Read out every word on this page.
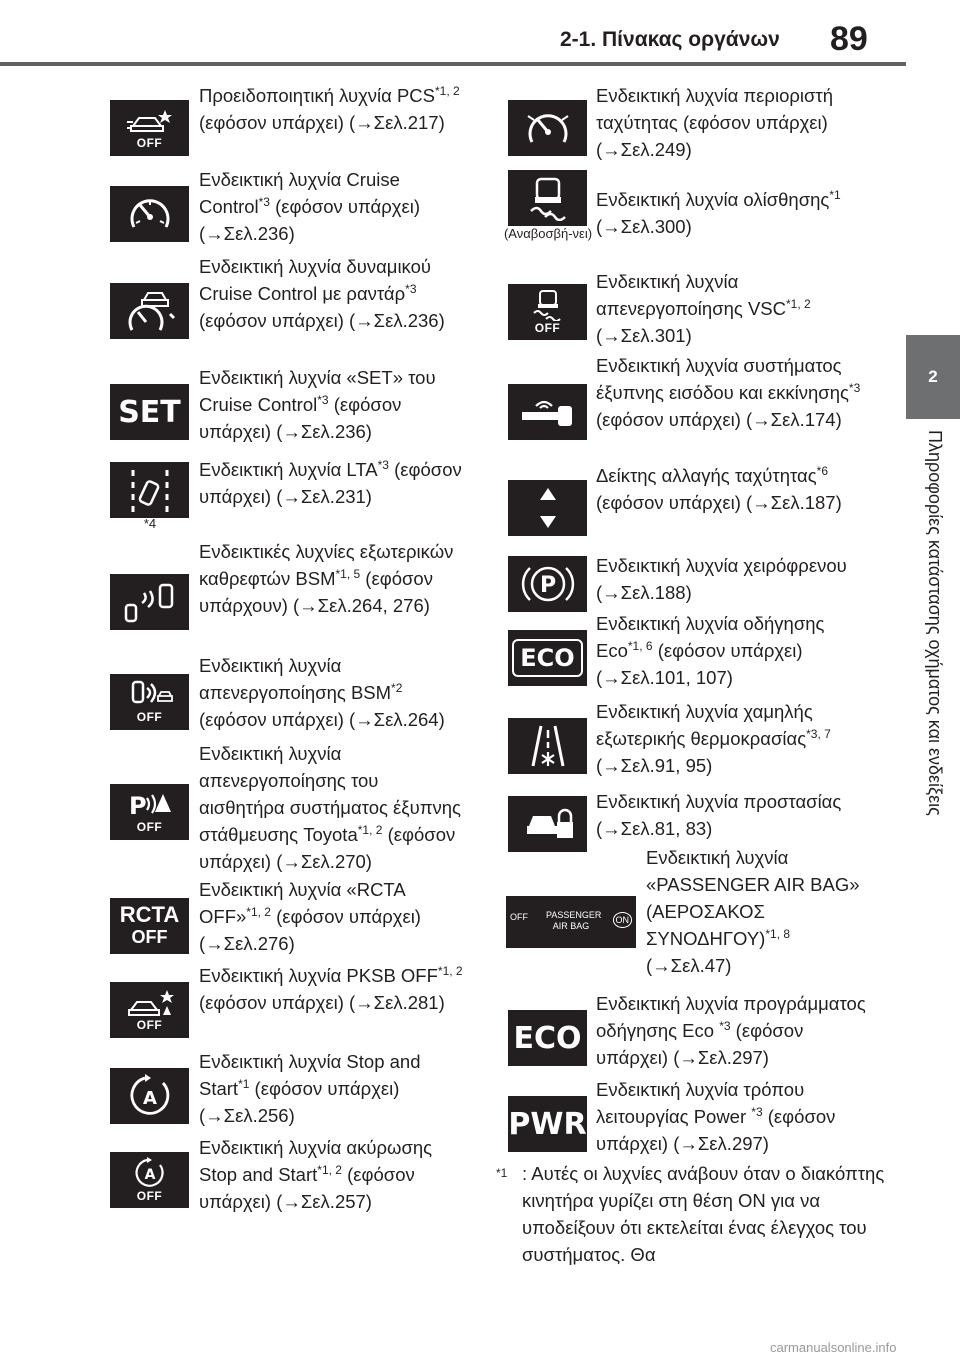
2-1. Πίνακας οργάνων 89
2
Πληροφορίες κατάστασης οχήματος και ενδείξεις
OFF
Προειδοποιητική λυχνία PCS$^{*1, 2}$ (εφόσον υπάρχει) (→Σελ.217)
Ενδεικτική λυχνία Cruise Control$^{*3}$ (εφόσον υπάρχει) (→Σελ.236)
Ενδεικτική λυχνία δυναμικού Cruise Control με ραντάρ$^{*3}$ (εφόσον υπάρχει) (→Σελ.236)
SET
Ενδεικτική λυχνία «SET» του Cruise Control$^{*3}$ (εφόσον υπάρχει) (→Σελ.236)
*4
Ενδεικτική λυχνία LTA$^{*3}$ (εφόσον υπάρχει) (→Σελ.231)
Ενδεικτικές λυχνίες εξωτερικών καθρεφτών BSM$^{*1, 5}$ (εφόσον υπάρχουν) (→Σελ.264, 276)
OFF
Ενδεικτική λυχνία απενεργοποίησης BSM$^{*2}$ (εφόσον υπάρχει) (→Σελ.264)
P
OFF
Ενδεικτική λυχνία απενεργοποίησης του αισθητήρα συστήματος έξυπνης στάθμευσης Toyota$^{*1, 2}$ (εφόσον υπάρχει) (→Σελ.270)
RCTA
OFF
Ενδεικτική λυχνία «RCTA OFF»$^{*1, 2}$ (εφόσον υπάρχει) (→Σελ.276)
OFF
Ενδεικτική λυχνία PKSB OFF$^{*1, 2}$ (εφόσον υπάρχει) (→Σελ.281)
A
Ενδεικτική λυχνία Stop and Start$^{*1}$ (εφόσον υπάρχει) (→Σελ.256)
A
OFF
Ενδεικτική λυχνία ακύρωσης Stop and Start$^{*1, 2}$ (εφόσον υπάρχει) (→Σελ.257)
Ενδεικτική λυχνία περιοριστή ταχύτητας (εφόσον υπάρχει) (→Σελ.249)
(Αναβοσβή-νει)
Ενδεικτική λυχνία ολίσθησης$^{*1}$ (→Σελ.300)
OFF
Ενδεικτική λυχνία απενεργοποίησης VSC$^{*1, 2}$ (→Σελ.301)
Ενδεικτική λυχνία συστήματος έξυπνης εισόδου και εκκίνησης$^{*3}$ (εφόσον υπάρχει) (→Σελ.174)
Δείκτης αλλαγής ταχύτητας$^{*6}$ (εφόσον υπάρχει) (→Σελ.187)
P
Ενδεικτική λυχνία χειρόφρενου (→Σελ.188)
ECO
Ενδεικτική λυχνία οδήγησης Eco$^{*1, 6}$ (εφόσον υπάρχει) (→Σελ.101, 107)
Ενδεικτική λυχνία χαμηλής εξωτερικής θερμοκρασίας$^{*3, 7}$ (→Σελ.91, 95)
Ενδεικτική λυχνία προστασίας (→Σελ.81, 83)
OFF PASSENGER
AIR BAG
ON
Ενδεικτική λυχνία «PASSENGER AIR BAG» (ΑΕΡΟΣΑΚΟΣ ΣΥΝΟΔΗΓΟΥ)$^{*1, 8}$ (→Σελ.47)
ECO
Ενδεικτική λυχνία προγράμματος οδήγησης Eco $^{*3}$ (εφόσον υπάρχει) (→Σελ.297)
PWR
Ενδεικτική λυχνία τρόπου λειτουργίας Power $^{*3}$ (εφόσον υπάρχει) (→Σελ.297)
$^{*1}$ : Αυτές οι λυχνίες ανάβουν όταν ο διακόπτης κινητήρα γυρίζει στη θέση ON για να υποδείξουν ότι εκτελείται ένας έλεγχος του συστήματος. Θα
carmanualsonline.info
